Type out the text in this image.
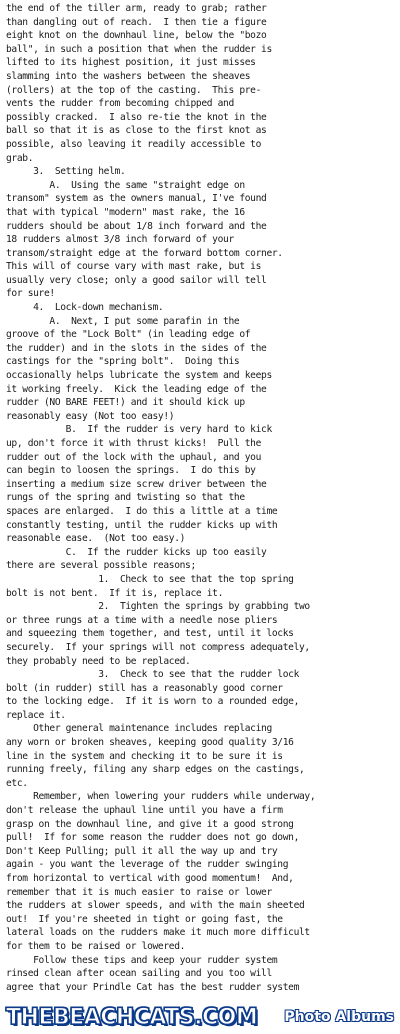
the end of the tiller arm, ready to grab; rather
than dangling out of reach.  I then tie a figure
eight knot on the downhaul line, below the "bozo
ball", in such a position that when the rudder is
lifted to its highest position, it just misses
slamming into the washers between the sheaves
(rollers) at the top of the casting.  This pre-
vents the rudder from becoming chipped and
possibly cracked.  I also re-tie the knot in the
ball so that it is as close to the first knot as
possible, also leaving it readily accessible to
grab.
3.  Setting helm.
A.  Using the same "straight edge on
transom" system as the owners manual, I've found
that with typical "modern" mast rake, the 16
rudders should be about 1/8 inch forward and the
18 rudders almost 3/8 inch forward of your
transom/straight edge at the forward bottom corner.
This will of course vary with mast rake, but is
usually very close; only a good sailor will tell
for sure!
4.  Lock-down mechanism.
A.  Next, I put some parafin in the
groove of the "Lock Bolt" (in leading edge of
the rudder) and in the slots in the sides of the
castings for the "spring bolt".  Doing this
occasionally helps lubricate the system and keeps
it working freely.  Kick the leading edge of the
rudder (NO BARE FEET!) and it should kick up
reasonably easy (Not too easy!)
B.  If the rudder is very hard to kick
up, don't force it with thrust kicks!  Pull the
rudder out of the lock with the uphaul, and you
can begin to loosen the springs.  I do this by
inserting a medium size screw driver between the
rungs of the spring and twisting so that the
spaces are enlarged.  I do this a little at a time
constantly testing, until the rudder kicks up with
reasonable ease.  (Not too easy.)
C.  If the rudder kicks up too easily
there are several possible reasons;
1.  Check to see that the top spring
bolt is not bent.  If it is, replace it.
2.  Tighten the springs by grabbing two
or three rungs at a time with a needle nose pliers
and squeezing them together, and test, until it locks
securely.  If your springs will not compress adequately,
they probably need to be replaced.
3.  Check to see that the rudder lock
bolt (in rudder) still has a reasonably good corner
to the locking edge.  If it is worn to a rounded edge,
replace it.
Other general maintenance includes replacing
any worn or broken sheaves, keeping good quality 3/16
line in the system and checking it to be sure it is
running freely, filing any sharp edges on the castings,
etc.
Remember, when lowering your rudders while underway,
don't release the uphaul line until you have a firm
grasp on the downhaul line, and give it a good strong
pull!  If for some reason the rudder does not go down,
Don't Keep Pulling; pull it all the way up and try
again - you want the leverage of the rudder swinging
from horizontal to vertical with good momentum!  And,
remember that it is much easier to raise or lower
the rudders at slower speeds, and with the main sheeted
out!  If you're sheeted in tight or going fast, the
lateral loads on the rudders make it much more difficult
for them to be raised or lowered.
Follow these tips and keep your rudder system
rinsed clean after ocean sailing and you too will
agree that your Prindle Cat has the best rudder system
THEBEACHCATS.COM Photo Albums
